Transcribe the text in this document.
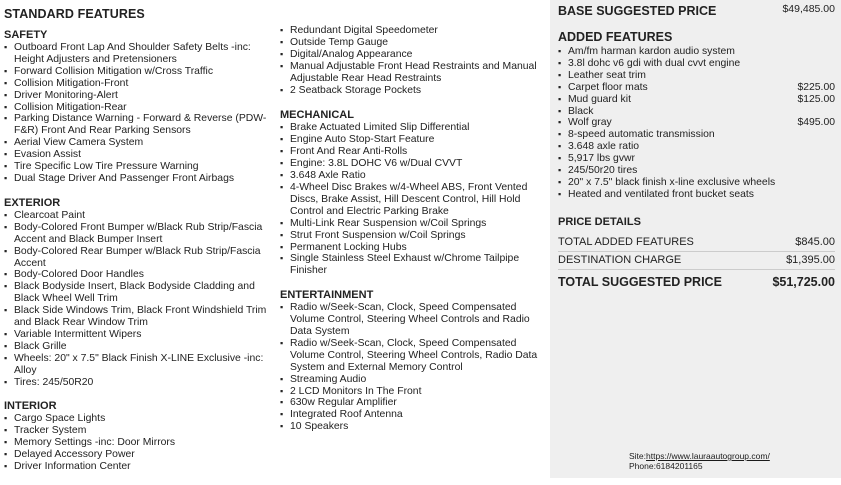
STANDARD FEATURES
SAFETY
▪ Outboard Front Lap And Shoulder Safety Belts -inc: Height Adjusters and Pretensioners
▪ Forward Collision Mitigation w/Cross Traffic
▪ Collision Mitigation-Front
▪ Driver Monitoring-Alert
▪ Collision Mitigation-Rear
▪ Parking Distance Warning - Forward & Reverse (PDW-F&R) Front And Rear Parking Sensors
▪ Aerial View Camera System
▪ Evasion Assist
▪ Tire Specific Low Tire Pressure Warning
▪ Dual Stage Driver And Passenger Front Airbags
EXTERIOR
▪ Clearcoat Paint
▪ Body-Colored Front Bumper w/Black Rub Strip/Fascia Accent and Black Bumper Insert
▪ Body-Colored Rear Bumper w/Black Rub Strip/Fascia Accent
▪ Body-Colored Door Handles
▪ Black Bodyside Insert, Black Bodyside Cladding and Black Wheel Well Trim
▪ Black Side Windows Trim, Black Front Windshield Trim and Black Rear Window Trim
▪ Variable Intermittent Wipers
▪ Black Grille
▪ Wheels: 20" x 7.5" Black Finish X-LINE Exclusive -inc: Alloy
▪ Tires: 245/50R20
INTERIOR
▪ Cargo Space Lights
▪ Tracker System
▪ Memory Settings -inc: Door Mirrors
▪ Delayed Accessory Power
▪ Driver Information Center
▪ Redundant Digital Speedometer
▪ Outside Temp Gauge
▪ Digital/Analog Appearance
▪ Manual Adjustable Front Head Restraints and Manual Adjustable Rear Head Restraints
▪ 2 Seatback Storage Pockets
MECHANICAL
▪ Brake Actuated Limited Slip Differential
▪ Engine Auto Stop-Start Feature
▪ Front And Rear Anti-Rolls
▪ Engine: 3.8L DOHC V6 w/Dual CVVT
▪ 3.648 Axle Ratio
▪ 4-Wheel Disc Brakes w/4-Wheel ABS, Front Vented Discs, Brake Assist, Hill Descent Control, Hill Hold Control and Electric Parking Brake
▪ Multi-Link Rear Suspension w/Coil Springs
▪ Strut Front Suspension w/Coil Springs
▪ Permanent Locking Hubs
▪ Single Stainless Steel Exhaust w/Chrome Tailpipe Finisher
ENTERTAINMENT
▪ Radio w/Seek-Scan, Clock, Speed Compensated Volume Control, Steering Wheel Controls and Radio Data System
▪ Radio w/Seek-Scan, Clock, Speed Compensated Volume Control, Steering Wheel Controls, Radio Data System and External Memory Control
▪ Streaming Audio
▪ 2 LCD Monitors In The Front
▪ 630w Regular Amplifier
▪ Integrated Roof Antenna
▪ 10 Speakers
BASE SUGGESTED PRICE	$49,485.00
ADDED FEATURES
▪ Am/fm harman kardon audio system
▪ 3.8l dohc v6 gdi with dual cvvt engine
▪ Leather seat trim
▪ Carpet floor mats	$225.00
▪ Mud guard kit	$125.00
▪ Black
▪ Wolf gray	$495.00
▪ 8-speed automatic transmission
▪ 3.648 axle ratio
▪ 5,917 lbs gvwr
▪ 245/50r20 tires
▪ 20" x 7.5" black finish x-line exclusive wheels
▪ Heated and ventilated front bucket seats
PRICE DETAILS
TOTAL ADDED FEATURES	$845.00
DESTINATION CHARGE	$1,395.00
TOTAL SUGGESTED PRICE	$51,725.00
Site:https://www.lauraautogroup.com/
Phone:6184201165
